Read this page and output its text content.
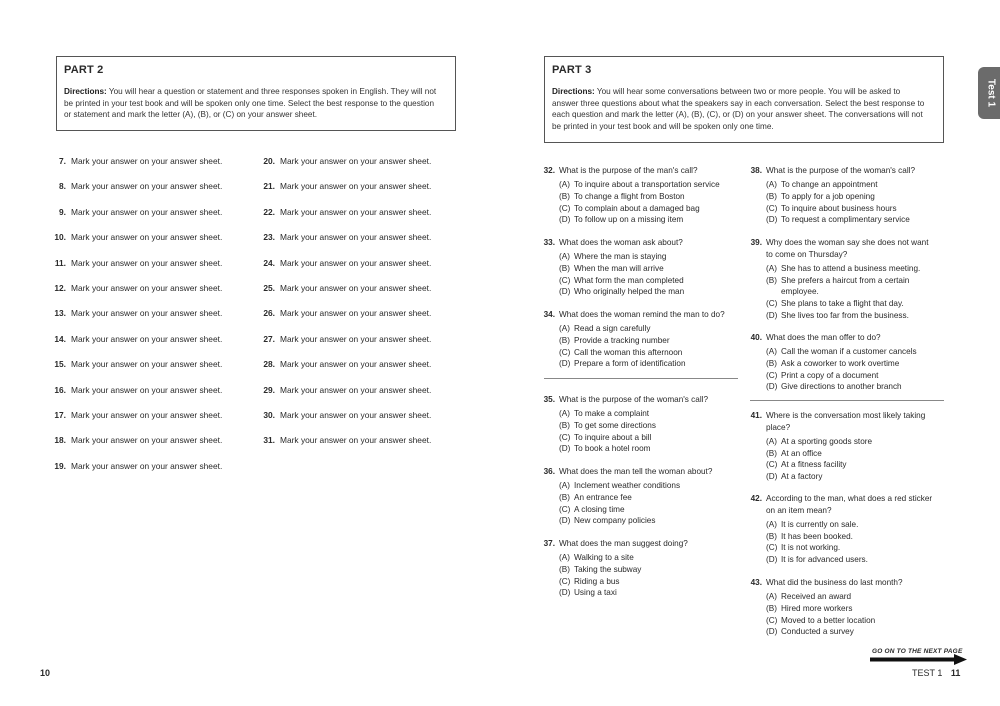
PART 2
Directions: You will hear a question or statement and three responses spoken in English. They will not
be printed in your test book and will be spoken only one time. Select the best response to the question
or statement and mark the letter (A), (B), or (C) on your answer sheet.
7. Mark your answer on your answer sheet.
8. Mark your answer on your answer sheet.
9. Mark your answer on your answer sheet.
10. Mark your answer on your answer sheet.
11. Mark your answer on your answer sheet.
12. Mark your answer on your answer sheet.
13. Mark your answer on your answer sheet.
14. Mark your answer on your answer sheet.
15. Mark your answer on your answer sheet.
16. Mark your answer on your answer sheet.
17. Mark your answer on your answer sheet.
18. Mark your answer on your answer sheet.
19. Mark your answer on your answer sheet.
20. Mark your answer on your answer sheet.
21. Mark your answer on your answer sheet.
22. Mark your answer on your answer sheet.
23. Mark your answer on your answer sheet.
24. Mark your answer on your answer sheet.
25. Mark your answer on your answer sheet.
26. Mark your answer on your answer sheet.
27. Mark your answer on your answer sheet.
28. Mark your answer on your answer sheet.
29. Mark your answer on your answer sheet.
30. Mark your answer on your answer sheet.
31. Mark your answer on your answer sheet.
10
PART 3
Directions: You will hear some conversations between two or more people. You will be asked to
answer three questions about what the speakers say in each conversation. Select the best response to
each question and mark the letter (A), (B), (C), or (D) on your answer sheet. The conversations will not
be printed in your test book and will be spoken only one time.
Test 1
32. What is the purpose of the man's call?
(A) To inquire about a transportation service
(B) To change a flight from Boston
(C) To complain about a damaged bag
(D) To follow up on a missing item
33. What does the woman ask about?
(A) Where the man is staying
(B) When the man will arrive
(C) What form the man completed
(D) Who originally helped the man
34. What does the woman remind the man to do?
(A) Read a sign carefully
(B) Provide a tracking number
(C) Call the woman this afternoon
(D) Prepare a form of identification
35. What is the purpose of the woman's call?
(A) To make a complaint
(B) To get some directions
(C) To inquire about a bill
(D) To book a hotel room
36. What does the man tell the woman about?
(A) Inclement weather conditions
(B) An entrance fee
(C) A closing time
(D) New company policies
37. What does the man suggest doing?
(A) Walking to a site
(B) Taking the subway
(C) Riding a bus
(D) Using a taxi
38. What is the purpose of the woman's call?
(A) To change an appointment
(B) To apply for a job opening
(C) To inquire about business hours
(D) To request a complimentary service
39. Why does the woman say she does not want
to come on Thursday?
(A) She has to attend a business meeting.
(B) She prefers a haircut from a certain
employee.
(C) She plans to take a flight that day.
(D) She lives too far from the business.
40. What does the man offer to do?
(A) Call the woman if a customer cancels
(B) Ask a coworker to work overtime
(C) Print a copy of a document
(D) Give directions to another branch
41. Where is the conversation most likely taking
place?
(A) At a sporting goods store
(B) At an office
(C) At a fitness facility
(D) At a factory
42. According to the man, what does a red sticker
on an item mean?
(A) It is currently on sale.
(B) It has been booked.
(C) It is not working.
(D) It is for advanced users.
43. What did the business do last month?
(A) Received an award
(B) Hired more workers
(C) Moved to a better location
(D) Conducted a survey
GO ON TO THE NEXT PAGE
TEST 1 11
